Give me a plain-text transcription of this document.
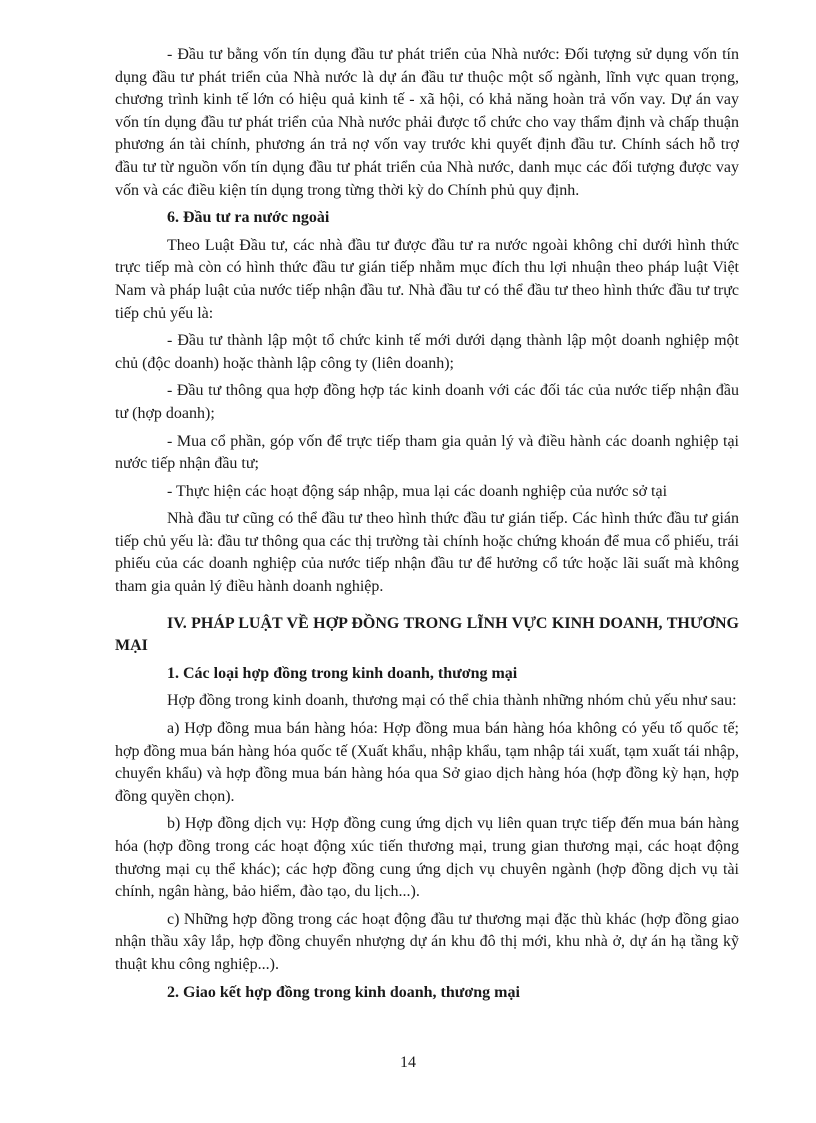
- Đầu tư bằng vốn tín dụng đầu tư phát triển của Nhà nước: Đối tượng sử dụng vốn tín dụng đầu tư phát triển của Nhà nước là dự án đầu tư thuộc một số ngành, lĩnh vực quan trọng, chương trình kinh tế lớn có hiệu quả kinh tế - xã hội, có khả năng hoàn trả vốn vay. Dự án vay vốn tín dụng đầu tư phát triển của Nhà nước phải được tổ chức cho vay thẩm định và chấp thuận phương án tài chính, phương án trả nợ vốn vay trước khi quyết định đầu tư. Chính sách hỗ trợ đầu tư từ nguồn vốn tín dụng đầu tư phát triển của Nhà nước, danh mục các đối tượng được vay vốn và các điều kiện tín dụng trong từng thời kỳ do Chính phủ quy định.

6. Đầu tư ra nước ngoài

Theo Luật Đầu tư, các nhà đầu tư được đầu tư ra nước ngoài không chỉ dưới hình thức trực tiếp mà còn có hình thức đầu tư gián tiếp nhằm mục đích thu lợi nhuận theo pháp luật Việt Nam và pháp luật của nước tiếp nhận đầu tư. Nhà đầu tư có thể đầu tư theo hình thức đầu tư trực tiếp chủ yếu là:

- Đầu tư thành lập một tổ chức kinh tế mới dưới dạng thành lập một doanh nghiệp một chủ (độc doanh) hoặc thành lập công ty (liên doanh);

- Đầu tư thông qua hợp đồng hợp tác kinh doanh với các đối tác của nước tiếp nhận đầu tư (hợp doanh);

- Mua cổ phần, góp vốn để trực tiếp tham gia quản lý và điều hành các doanh nghiệp tại nước tiếp nhận đầu tư;

- Thực hiện các hoạt động sáp nhập, mua lại các doanh nghiệp của nước sở tại

Nhà đầu tư cũng có thể đầu tư theo hình thức đầu tư gián tiếp. Các hình thức đầu tư gián tiếp chủ yếu là: đầu tư thông qua các thị trường tài chính hoặc chứng khoán để mua cổ phiếu, trái phiếu của các doanh nghiệp của nước tiếp nhận đầu tư để hưởng cổ tức hoặc lãi suất mà không tham gia quản lý điều hành doanh nghiệp.

IV. PHÁP LUẬT VỀ HỢP ĐỒNG TRONG LĨNH VỰC KINH DOANH, THƯƠNG MẠI

1. Các loại hợp đồng trong kinh doanh, thương mại

Hợp đồng trong kinh doanh, thương mại có thể chia thành những nhóm chủ yếu như sau:

a) Hợp đồng mua bán hàng hóa: Hợp đồng mua bán hàng hóa không có yếu tố quốc tế; hợp đồng mua bán hàng hóa quốc tế (Xuất khẩu, nhập khẩu, tạm nhập tái xuất, tạm xuất tái nhập, chuyển khẩu) và hợp đồng mua bán hàng hóa qua Sở giao dịch hàng hóa (hợp đồng kỳ hạn, hợp đồng quyền chọn).

b) Hợp đồng dịch vụ: Hợp đồng cung ứng dịch vụ liên quan trực tiếp đến mua bán hàng hóa (hợp đồng trong các hoạt động xúc tiến thương mại, trung gian thương mại, các hoạt động thương mại cụ thể khác); các hợp đồng cung ứng dịch vụ chuyên ngành (hợp đồng dịch vụ tài chính, ngân hàng, bảo hiểm, đào tạo, du lịch...).

c) Những hợp đồng trong các hoạt động đầu tư thương mại đặc thù khác (hợp đồng giao nhận thầu xây lắp, hợp đồng chuyển nhượng dự án khu đô thị mới, khu nhà ở, dự án hạ tầng kỹ thuật khu công nghiệp...).

2. Giao kết hợp đồng trong kinh doanh, thương mại

14
